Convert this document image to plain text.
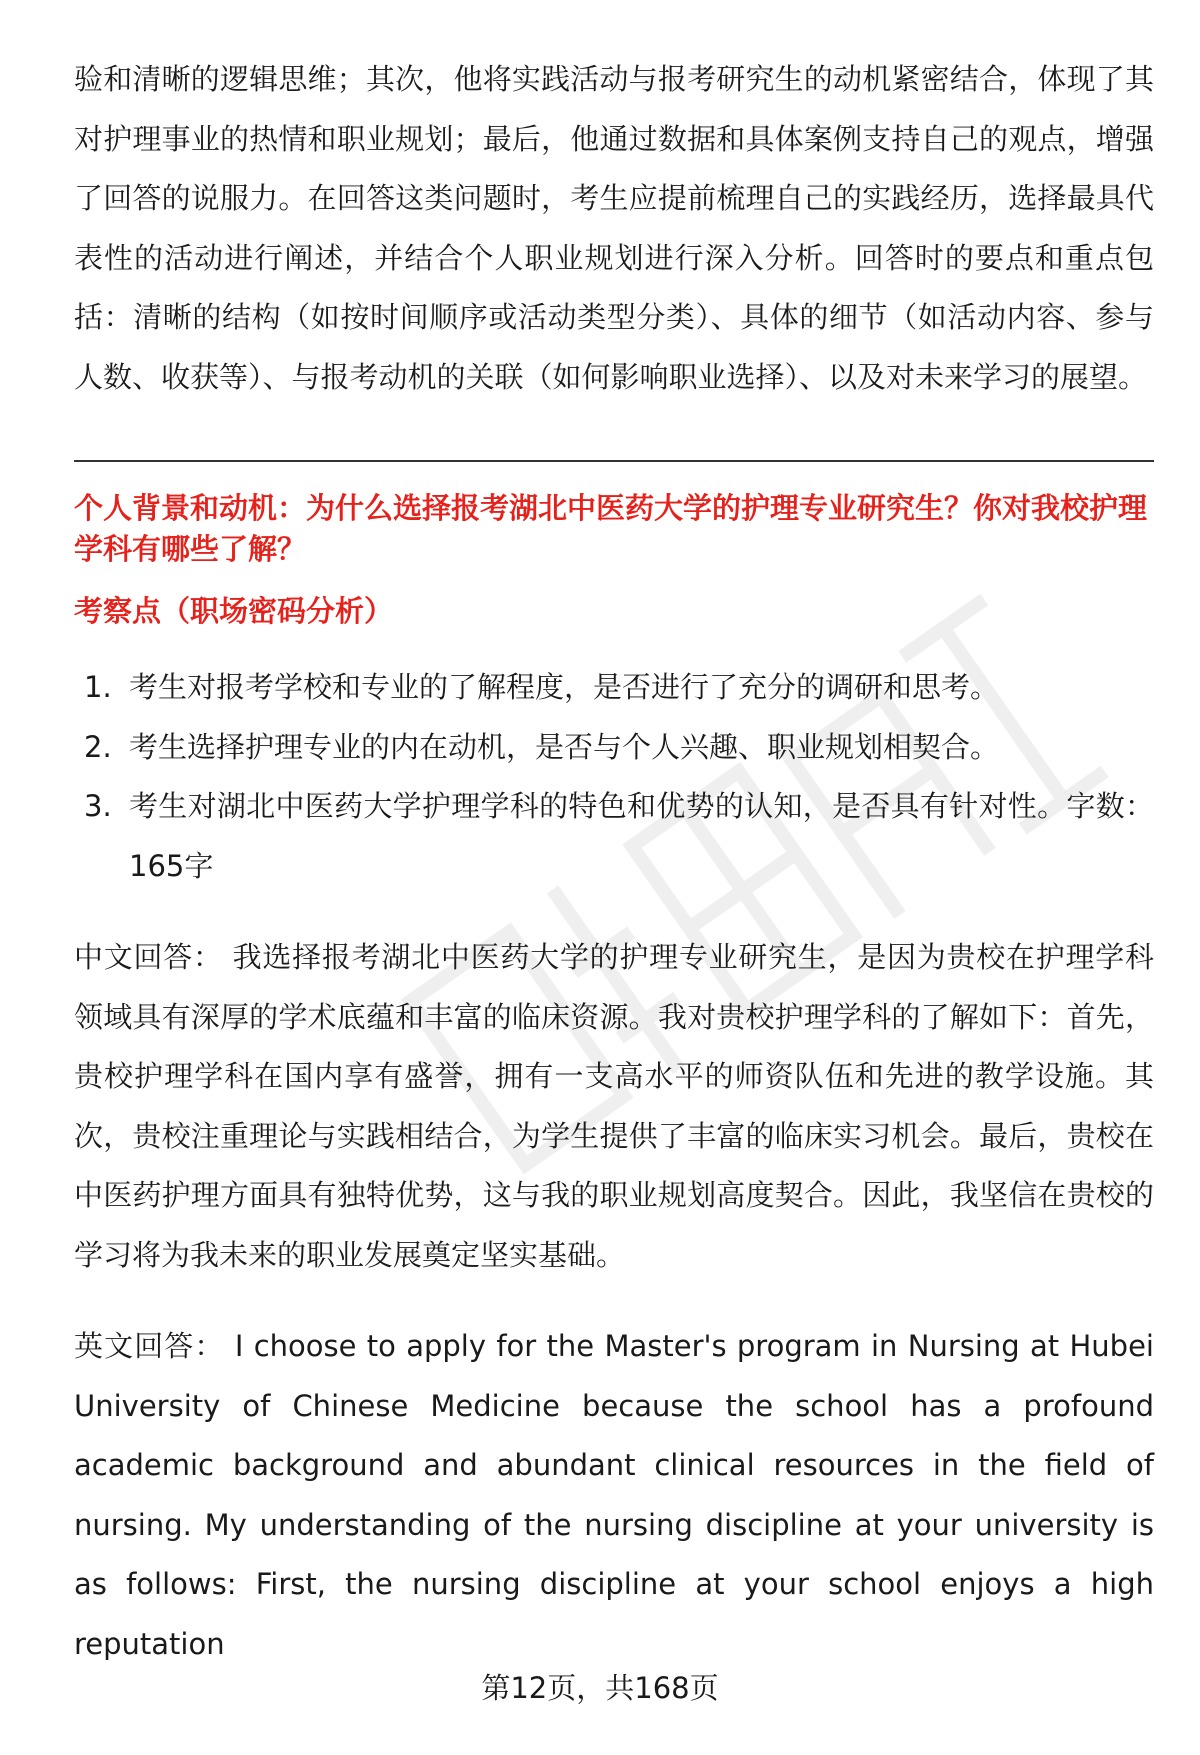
验和清晰的逻辑思维；其次，他将实践活动与报考研究生的动机紧密结合，体现了其对护理事业的热情和职业规划；最后，他通过数据和具体案例支持自己的观点，增强了回答的说服力。在回答这类问题时，考生应提前梳理自己的实践经历，选择最具代表性的活动进行阐述，并结合个人职业规划进行深入分析。回答时的要点和重点包括：清晰的结构（如按时间顺序或活动类型分类）、具体的细节（如活动内容、参与人数、收获等）、与报考动机的关联（如何影响职业选择）、以及对未来学习的展望。

个人背景和动机：为什么选择报考湖北中医药大学的护理专业研究生？你对我校护理学科有哪些了解？

考察点（职场密码分析）

1. 考生对报考学校和专业的了解程度，是否进行了充分的调研和思考。
2. 考生选择护理专业的内在动机，是否与个人兴趣、职业规划相契合。
3. 考生对湖北中医药大学护理学科的特色和优势的认知，是否具有针对性。字数：165字

中文回答： 我选择报考湖北中医药大学的护理专业研究生，是因为贵校在护理学科领域具有深厚的学术底蕴和丰富的临床资源。我对贵校护理学科的了解如下：首先，贵校护理学科在国内享有盛誉，拥有一支高水平的师资队伍和先进的教学设施。其次，贵校注重理论与实践相结合，为学生提供了丰富的临床实习机会。最后，贵校在中医药护理方面具有独特优势，这与我的职业规划高度契合。因此，我坚信在贵校的学习将为我未来的职业发展奠定坚实基础。

英文回答： I choose to apply for the Master's program in Nursing at Hubei University of Chinese Medicine because the school has a profound academic background and abundant clinical resources in the field of nursing. My understanding of the nursing discipline at your university is as follows: First, the nursing discipline at your school enjoys a high reputation

第12页，共168页
